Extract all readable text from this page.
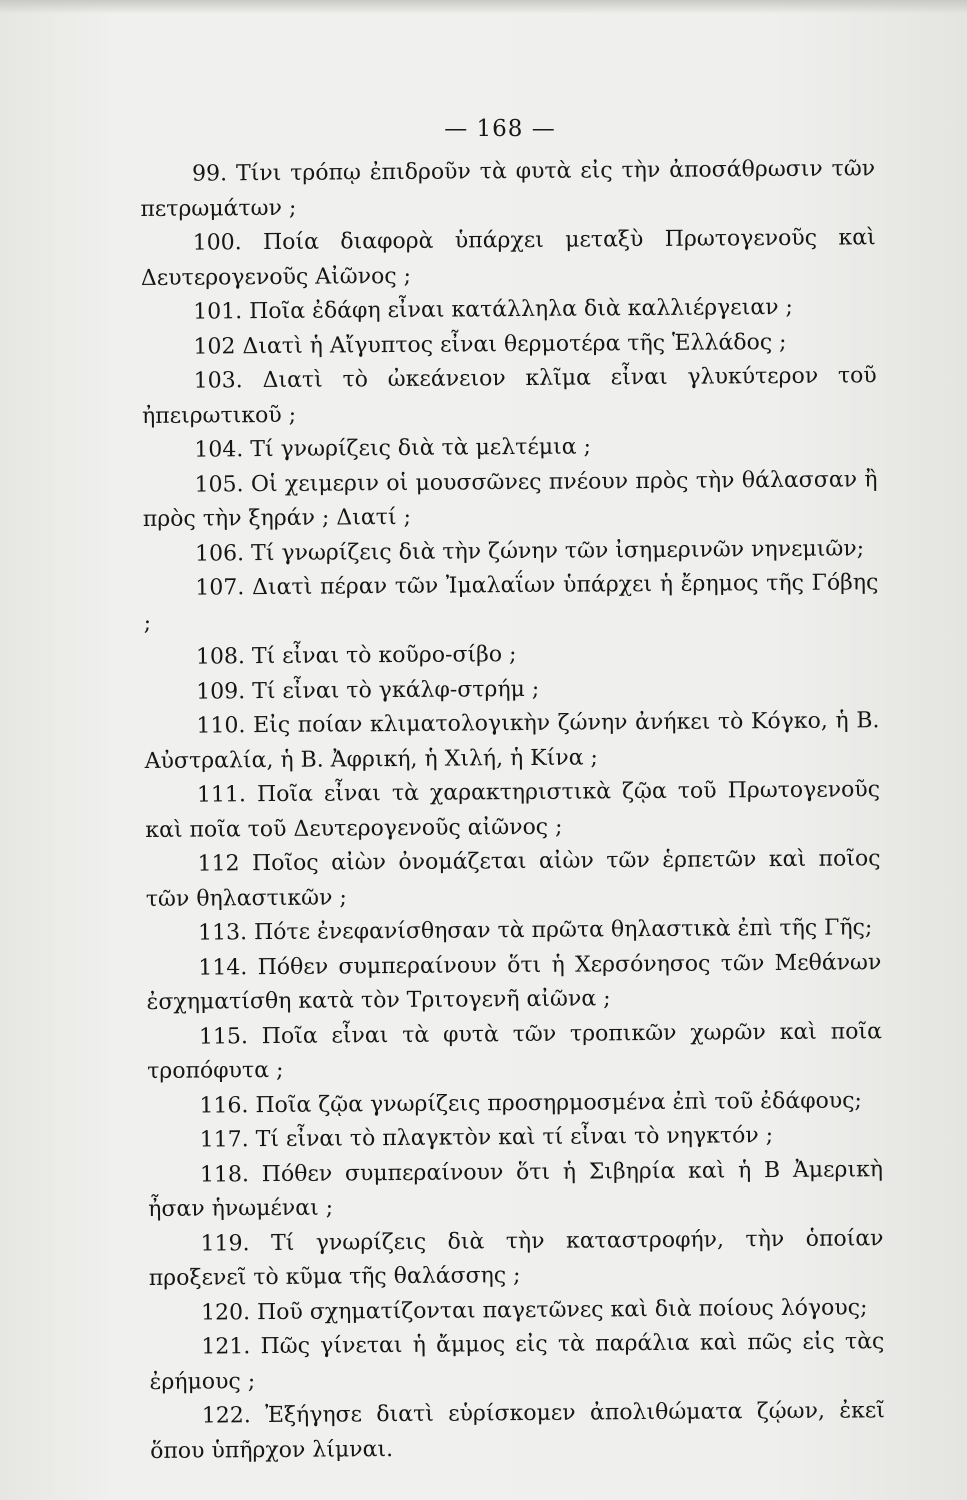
— 168 —

99. Τίνι τρόπῳ ἐπιδροῦν τὰ φυτὰ εἰς τὴν ἀποσάθρωσιν τῶν πετρωμάτων ;

100. Ποία διαφορὰ ὑπάρχει μεταξὺ Πρωτογενοῦς καὶ Δευτερογενοῦς Αἰῶνος ;

101. Ποῖα ἐδάφη εἶναι κατάλληλα διὰ καλλιέργειαν ;

102 Διατὶ ἡ Αἴγυπτος εἶναι θερμοτέρα τῆς Ἑλλάδος ;

103. Διατὶ τὸ ὠκεάνειον κλῖμα εἶναι γλυκύτερον τοῦ ἠπειρωτικοῦ ;

104. Τί γνωρίζεις διὰ τὰ μελτέμια ;

105. Οἱ χειμεριν οἱ μουσσῶνες πνέουν πρὸς τὴν θάλασσαν ἢ πρὸς τὴν ξηράν ; Διατί ;

106. Τί γνωρίζεις διὰ τὴν ζώνην τῶν ἰσημερινῶν νηνεμιῶν;

107. Διατὶ πέραν τῶν Ἰμαλαΐων ὑπάρχει ἡ ἔρημος τῆς Γόβης ;

108. Τί εἶναι τὸ κοῦρο-σίβο ;

109. Τί εἶναι τὸ γκάλφ-στρήμ ;

110. Εἰς ποίαν κλιματολογικὴν ζώνην ἀνήκει τὸ Κόγκο, ἡ Β. Αὐστραλία, ἡ Β. Ἀφρική, ἡ Χιλή, ἡ Κίνα ;

111. Ποῖα εἶναι τὰ χαρακτηριστικὰ ζῷα τοῦ Πρωτογενοῦς καὶ ποῖα τοῦ Δευτερογενοῦς αἰῶνος ;

112 Ποῖος αἰὼν ὀνομάζεται αἰὼν τῶν ἑρπετῶν καὶ ποῖος τῶν θηλαστικῶν ;

113. Πότε ἐνεφανίσθησαν τὰ πρῶτα θηλαστικὰ ἐπὶ τῆς Γῆς;

114. Πόθεν συμπεραίνουν ὅτι ἡ Χερσόνησος τῶν Μεθάνων ἐσχηματίσθη κατὰ τὸν Τριτογενῆ αἰῶνα ;

115. Ποῖα εἶναι τὰ φυτὰ τῶν τροπικῶν χωρῶν καὶ ποῖα τροπόφυτα ;

116. Ποῖα ζῷα γνωρίζεις προσηρμοσμένα ἐπὶ τοῦ ἐδάφους;

117. Τί εἶναι τὸ πλαγκτὸν καὶ τί εἶναι τὸ νηγκτόν ;

118. Πόθεν συμπεραίνουν ὅτι ἡ Σιβηρία καὶ ἡ Β Ἀμερικὴ ἦσαν ἡνωμέναι ;

119. Τί γνωρίζεις διὰ τὴν καταστροφήν, τὴν ὁποίαν προξενεῖ τὸ κῦμα τῆς θαλάσσης ;

120. Ποῦ σχηματίζονται παγετῶνες καὶ διὰ ποίους λόγους;

121. Πῶς γίνεται ἡ ἄμμος εἰς τὰ παράλια καὶ πῶς εἰς τὰς ἐρήμους ;

122. Ἐξήγησε διατὶ εὑρίσκομεν ἀπολιθώματα ζῴων, ἐκεῖ ὅπου ὑπῆρχον λίμναι.
